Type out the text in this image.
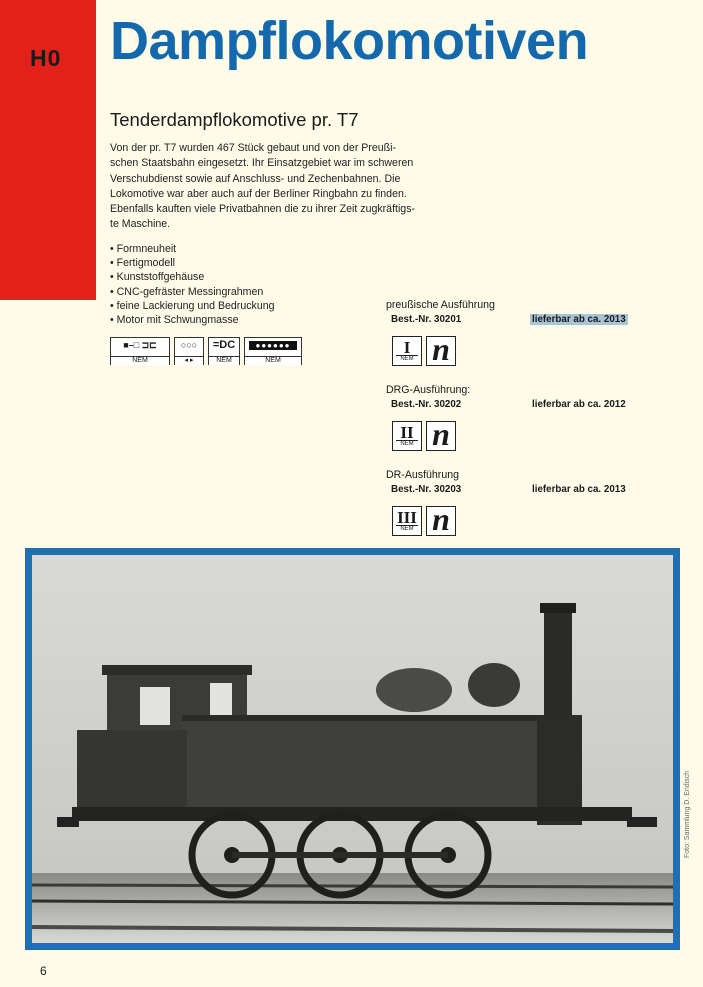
H0 Dampflokomotiven
Tenderdampflokomotive pr. T7
Von der pr. T7 wurden 467 Stück gebaut und von der Preußi-
schen Staatsbahn eingesetzt. Ihr Einsatzgebiet war im schweren
Verschubdienst sowie auf Anschluss- und Zechenbahnen. Die
Lokomotive war aber auch auf der Berliner Ringbahn zu finden.
Ebenfalls kauften viele Privatbahnen die zu ihrer Zeit zugkräftigs-
te Maschine.
• Formneuheit
• Fertigmodell
• Kunststoffgehäuse
• CNC-gefräster Messingrahmen
• feine Lackierung und Bedruckung
• Motor mit Schwungmasse
■–□ ⊐⊏
NEM
○○○
◂ ▸
=DC
NEM
●●●●●●
NEM
preußische Ausführung
Best.-Nr. 30201	lieferbar ab ca. 2013
I
NEM n
DRG-Ausführung:
Best.-Nr. 30202	lieferbar ab ca. 2012
II
NEM n
DR-Ausführung
Best.-Nr. 30203	lieferbar ab ca. 2013
III
NEM n
Foto: Sammlung D. Endisch
6
